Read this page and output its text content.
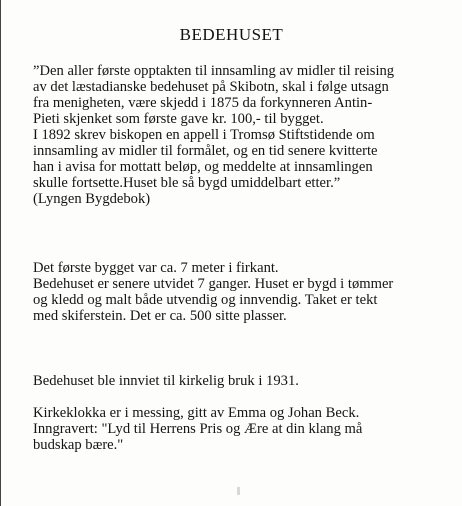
BEDEHUSET
”Den aller første opptakten til innsamling av midler til reising
av det læstadianske bedehuset på Skibotn, skal i følge utsagn
fra menigheten, være skjedd i 1875 da forkynneren Antin-
Pieti skjenket som første gave kr. 100,- til bygget.
I 1892 skrev biskopen en appell i Tromsø Stiftstidende om
innsamling av midler til formålet, og en tid senere kvitterte
han i avisa for mottatt beløp, og meddelte at innsamlingen
skulle fortsette.Huset ble så bygd umiddelbart etter.”
(Lyngen Bygdebok)
Det første bygget var ca. 7 meter i firkant.
Bedehuset er senere utvidet 7 ganger. Huset er bygd i tømmer
og kledd og malt både utvendig og innvendig. Taket er tekt
med skiferstein. Det er ca. 500 sitte plasser.
Bedehuset ble innviet til kirkelig bruk i 1931.
Kirkeklokka er i messing, gitt av Emma og Johan Beck.
Inngravert: "Lyd til Herrens Pris og Ære at din klang må
budskap bære."
